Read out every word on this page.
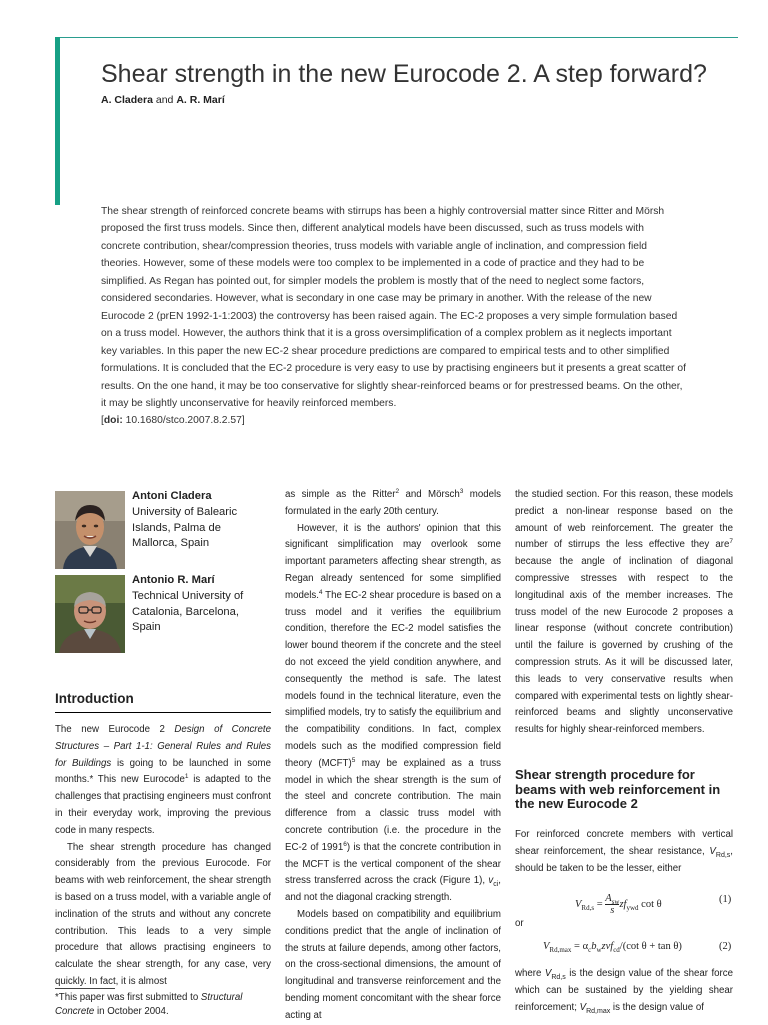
Shear strength in the new Eurocode 2. A step forward?
A. Cladera and A. R. Marí

The shear strength of reinforced concrete beams with stirrups has been a highly controversial matter since Ritter and Mörsh proposed the first truss models. Since then, different analytical models have been discussed, such as truss models with concrete contribution, shear/compression theories, truss models with variable angle of inclination, and compression field theories. However, some of these models were too complex to be implemented in a code of practice and they had to be simplified. As Regan has pointed out, for simpler models the problem is mostly that of the need to neglect some factors, considered secondaries. However, what is secondary in one case may be primary in another. With the release of the new Eurocode 2 (prEN 1992-1-1:2003) the controversy has been raised again. The EC-2 proposes a very simple formulation based on a truss model. However, the authors think that it is a gross oversimplification of a complex problem as it neglects important key variables. In this paper the new EC-2 shear procedure predictions are compared to empirical tests and to other simplified formulations. It is concluded that the EC-2 procedure is very easy to use by practising engineers but it presents a great scatter of results. On the one hand, it may be too conservative for slightly shear-reinforced beams or for prestressed beams. On the other, it may be slightly unconservative for heavily reinforced members.
[doi: 10.1680/stco.2007.8.2.57]

Antoni Cladera
University of Balearic Islands, Palma de Mallorca, Spain
Antonio R. Marí
Technical University of Catalonia, Barcelona, Spain
Introduction

The new Eurocode 2 Design of Concrete Structures – Part 1-1: General Rules and Rules for Buildings is going to be launched in some months.* This new Eurocode$^1$ is adapted to the challenges that practising engineers must confront in their everyday work, improving the previous code in many respects.

The shear strength procedure has changed considerably from the previous Eurocode. For beams with web reinforcement, the shear strength is based on a truss model, with a variable angle of inclination of the struts and without any concrete contribution. This leads to a very simple procedure that allows practising engineers to calculate the shear strength, for any case, very quickly. In fact, it is almost

*This paper was first submitted to Structural Concrete in October 2004.

as simple as the Ritter$^2$ and Mörsch$^3$ models formulated in the early 20th century.

However, it is the authors' opinion that this significant simplification may overlook some important parameters affecting shear strength, as Regan already sentenced for some simplified models.$^4$ The EC-2 shear procedure is based on a truss model and it verifies the equilibrium condition, therefore the EC-2 model satisfies the lower bound theorem if the concrete and the steel do not exceed the yield condition anywhere, and consequently the method is safe. The latest models found in the technical literature, even the simplified models, try to satisfy the equilibrium and the compatibility conditions. In fact, complex models such as the modified compression field theory (MCFT)$^5$ may be explained as a truss model in which the shear strength is the sum of the steel and concrete contribution. The main difference from a classic truss model with concrete contribution (i.e. the procedure in the EC-2 of 1991$^6$) is that the concrete contribution in the MCFT is the vertical component of the shear stress transferred across the crack (Figure 1), $v_{ci}$, and not the diagonal cracking strength.

Models based on compatibility and equilibrium conditions predict that the angle of inclination of the struts at failure depends, among other factors, on the cross-sectional dimensions, the amount of longitudinal and transverse reinforcement and the bending moment concomitant with the shear force acting at

the studied section. For this reason, these models predict a non-linear response based on the amount of web reinforcement. The greater the number of stirrups the less effective they are$^7$ because the angle of inclination of diagonal compressive stresses with respect to the longitudinal axis of the member increases. The truss model of the new Eurocode 2 proposes a linear response (without concrete contribution) until the failure is governed by crushing of the compression struts. As it will be discussed later, this leads to very conservative results when compared with experimental tests on lightly shear-reinforced beams and slightly unconservative results for highly shear-reinforced members.

Shear strength procedure for beams with web reinforcement in the new Eurocode 2

For reinforced concrete members with vertical shear reinforcement, the shear resistance, $V_{Rd,s}$, should be taken to be the lesser, either

$V_{Rd,s}$ =
$A_{sw}$
s
$zf_{ywd}$ cot θ	(1)
or
$V_{Rd,max} = \alpha_cb_wz\nu f_{cd}/(\cot$ θ + tan θ)	(2)

where $V_{Rd,s}$ is the design value of the shear force which can be sustained by the yielding shear reinforcement; $V_{Rd,max}$ is the design value of
